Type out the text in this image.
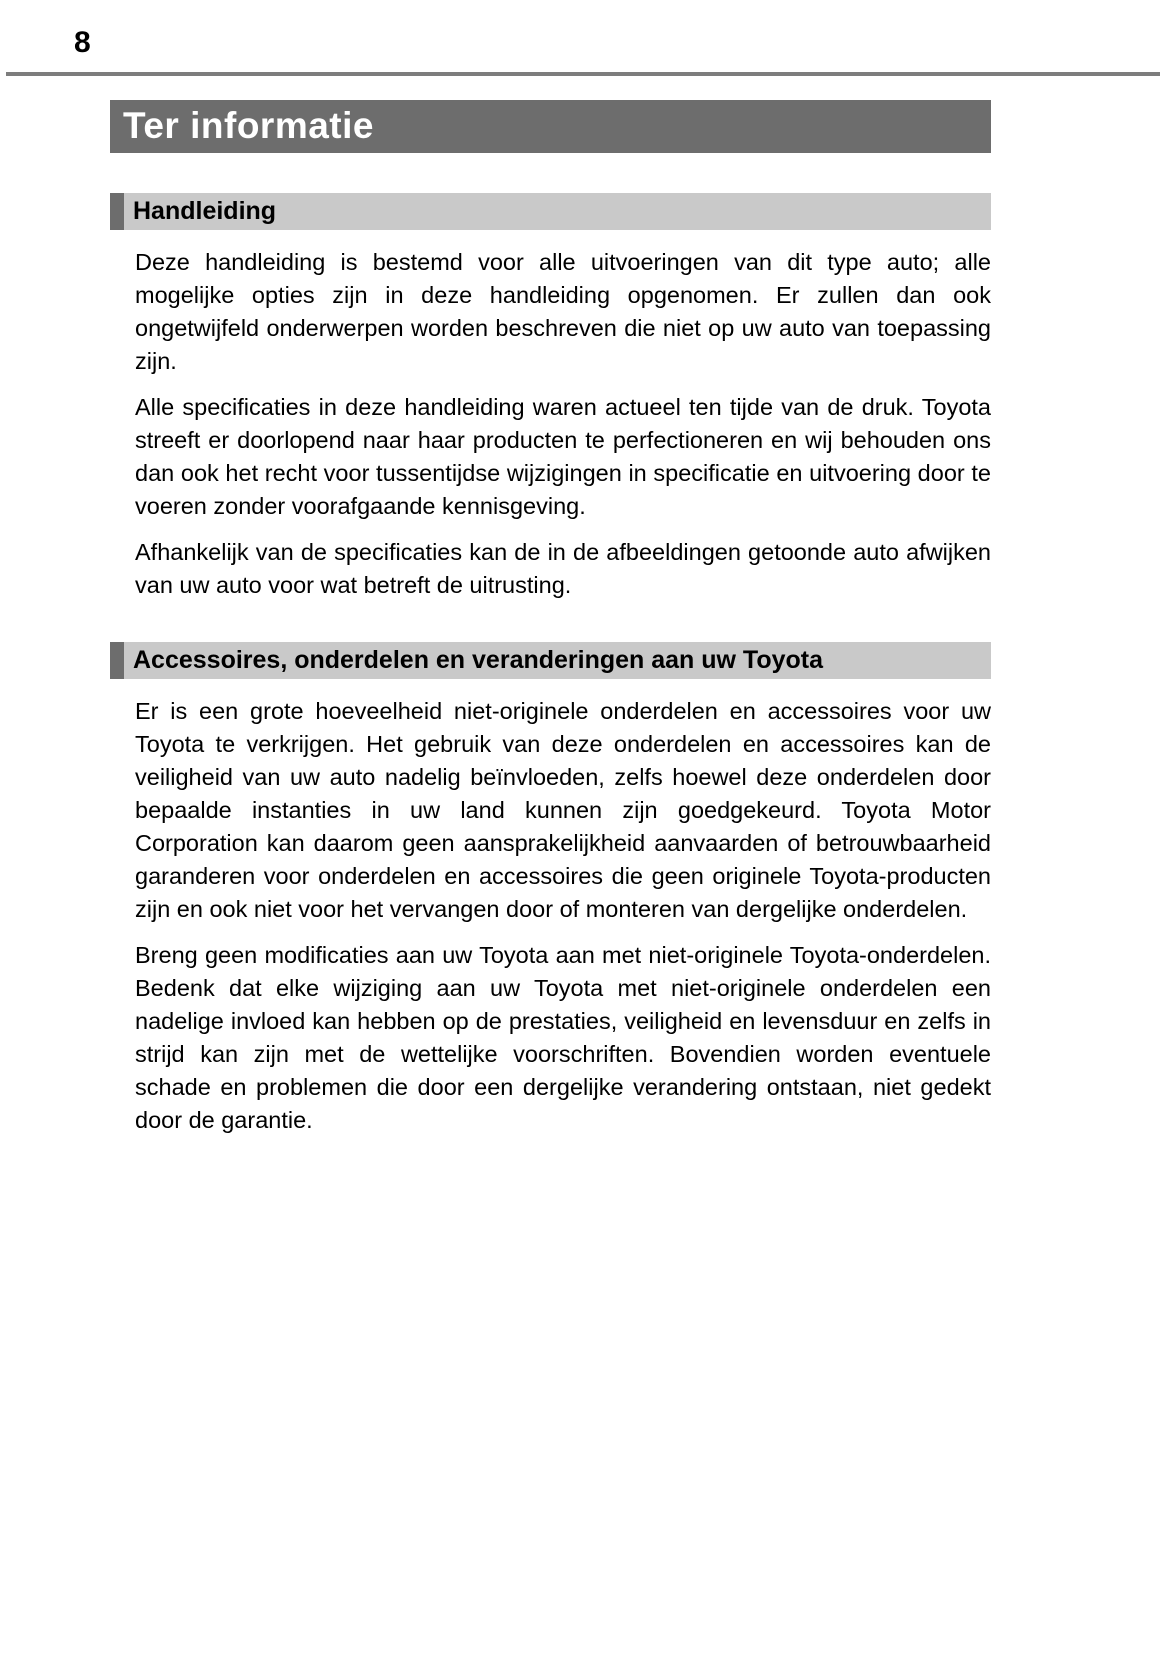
8
Ter informatie
Handleiding

Deze handleiding is bestemd voor alle uitvoeringen van dit type auto; alle mogelijke opties zijn in deze handleiding opgenomen. Er zullen dan ook ongetwijfeld onderwerpen worden beschreven die niet op uw auto van toepassing zijn.

Alle specificaties in deze handleiding waren actueel ten tijde van de druk. Toyota streeft er doorlopend naar haar producten te perfectioneren en wij behouden ons dan ook het recht voor tussentijdse wijzigingen in specificatie en uitvoering door te voeren zonder voorafgaande kennisgeving.

Afhankelijk van de specificaties kan de in de afbeeldingen getoonde auto afwijken van uw auto voor wat betreft de uitrusting.

Accessoires, onderdelen en veranderingen aan uw Toyota

Er is een grote hoeveelheid niet-originele onderdelen en accessoires voor uw Toyota te verkrijgen. Het gebruik van deze onderdelen en accessoires kan de veiligheid van uw auto nadelig beïnvloeden, zelfs hoewel deze onderdelen door bepaalde instanties in uw land kunnen zijn goedgekeurd. Toyota Motor Corporation kan daarom geen aansprakelijkheid aanvaarden of betrouwbaarheid garanderen voor onderdelen en accessoires die geen originele Toyota-producten zijn en ook niet voor het vervangen door of monteren van dergelijke onderdelen.

Breng geen modificaties aan uw Toyota aan met niet-originele Toyota-onderdelen. Bedenk dat elke wijziging aan uw Toyota met niet-originele onderdelen een nadelige invloed kan hebben op de prestaties, veiligheid en levensduur en zelfs in strijd kan zijn met de wettelijke voorschriften. Bovendien worden eventuele schade en problemen die door een dergelijke verandering ontstaan, niet gedekt door de garantie.
